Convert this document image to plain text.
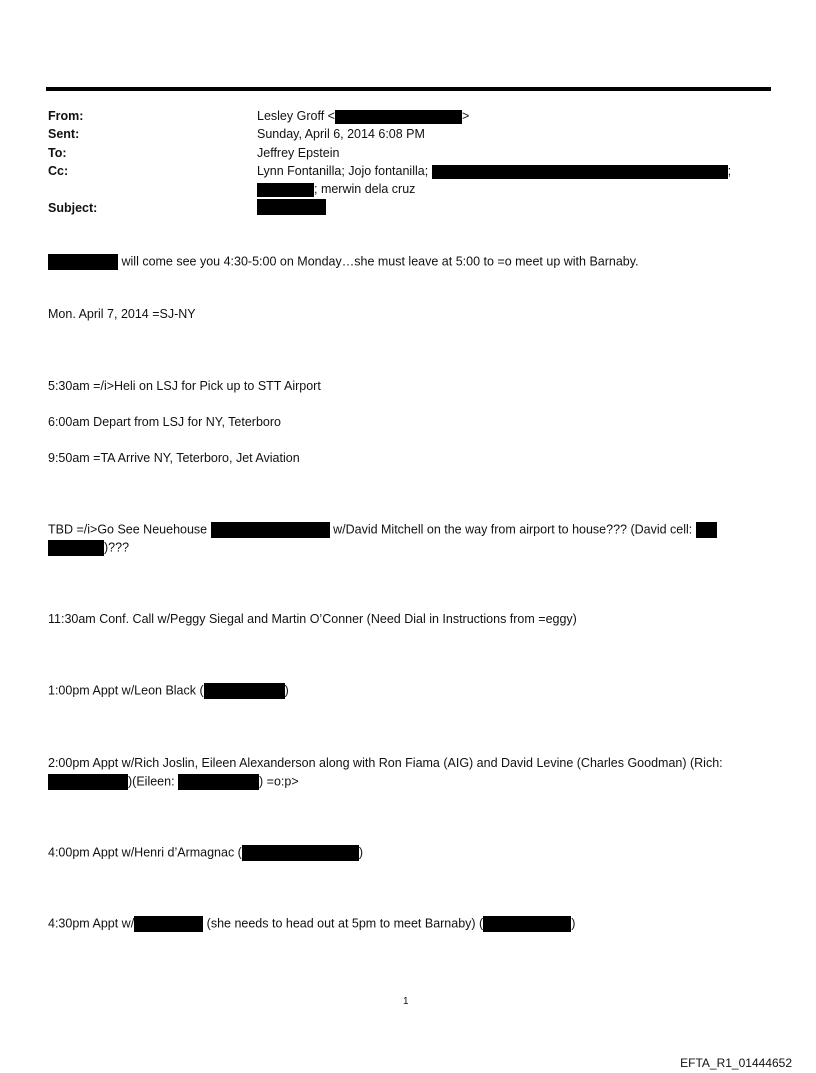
From:	Lesley Groff <	>
Sent:	Sunday, April 6, 2014 6:08 PM
To:	Jeffrey Epstein
Cc:	Lynn Fontanilla; Jojo fontanilla;	;
; merwin dela cruz
Subject:
will come see you 4:30-5:00 on Monday…she must leave at 5:00 to =o meet up with Barnaby.
Mon. April 7, 2014 =SJ-NY
5:30am =/i>Heli on LSJ for Pick up to STT Airport
6:00am Depart from LSJ for NY, Teterboro
9:50am =TA Arrive NY, Teterboro, Jet Aviation
TBD =/i>Go See Neuehouse	w/David Mitchell on the way from airport to house??? (David cell:
)???
11:30am Conf. Call w/Peggy Siegal and Martin O’Conner (Need Dial in Instructions from =eggy)
1:00pm Appt w/Leon Black (	)
2:00pm Appt w/Rich Joslin, Eileen Alexanderson along with Ron Fiama (AIG) and David Levine (Charles Goodman) (Rich:
)(Eileen:	) =o:p>
4:00pm Appt w/Henri d’Armagnac (	)
4:30pm Appt w/	(she needs to head out at 5pm to meet Barnaby) (	)
1
EFTA_R1_01444652
